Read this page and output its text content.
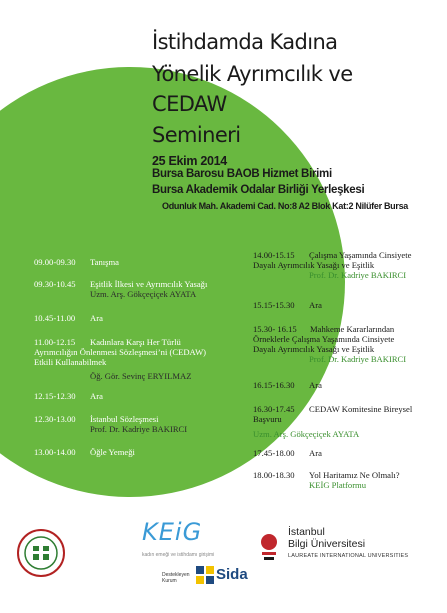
İstihdamda Kadına
Yönelik Ayrımcılık ve
CEDAW
Semineri
25 Ekim 2014
Bursa Barosu BAOB Hizmet Birimi
Bursa Akademik Odalar Birliği Yerleşkesi
Odunluk Mah. Akademi Cad. No:8 A2 Blok Kat:2 Nilüfer Bursa
09.00-09.30 Tanışma
09.30-10.45 Eşitlik İlkesi ve Ayrımcılık Yasağı
Uzm. Arş. Gökçeçiçek AYATA
10.45-11.00 Ara
11.00-12.15 Kadınlara Karşı Her Türlü
Ayrımcılığın Önlenmesi Sözleşmesi’ni (CEDAW)
Etkili Kullanabilmek
Öğ. Gör. Sevinç ERYILMAZ
12.15-12.30 Ara
12.30-13.00 İstanbul Sözleşmesi
Prof. Dr. Kadriye BAKIRCI
13.00-14.00 Öğle Yemeği
14.00-15.15 Çalışma Yaşamında Cinsiyete
Dayalı Ayrımcılık Yasağı ve Eşitlik
Prof. Dr. Kadriye BAKIRCI
15.15-15.30 Ara
15.30- 16.15 Mahkeme Kararlarından
Örneklerle Çalışma Yaşamında Cinsiyete
Dayalı Ayrımcılık Yasağı ve Eşitlik
Prof. Dr. Kadriye BAKIRCI
16.15-16.30 Ara
16.30-17.45 CEDAW Komitesine Bireysel
Başvuru
Uzm. Arş. Gökçeçiçek AYATA
17.45-18.00 Ara
18.00-18.30 Yol Haritamız Ne Olmalı?
KEİG Platformu
KEiG
kadın emeği ve istihdamı girişimi
Destekleyen Kurum	Sida
İstanbul
Bilgi Üniversitesi
LAUREATE INTERNATIONAL UNIVERSITIES
